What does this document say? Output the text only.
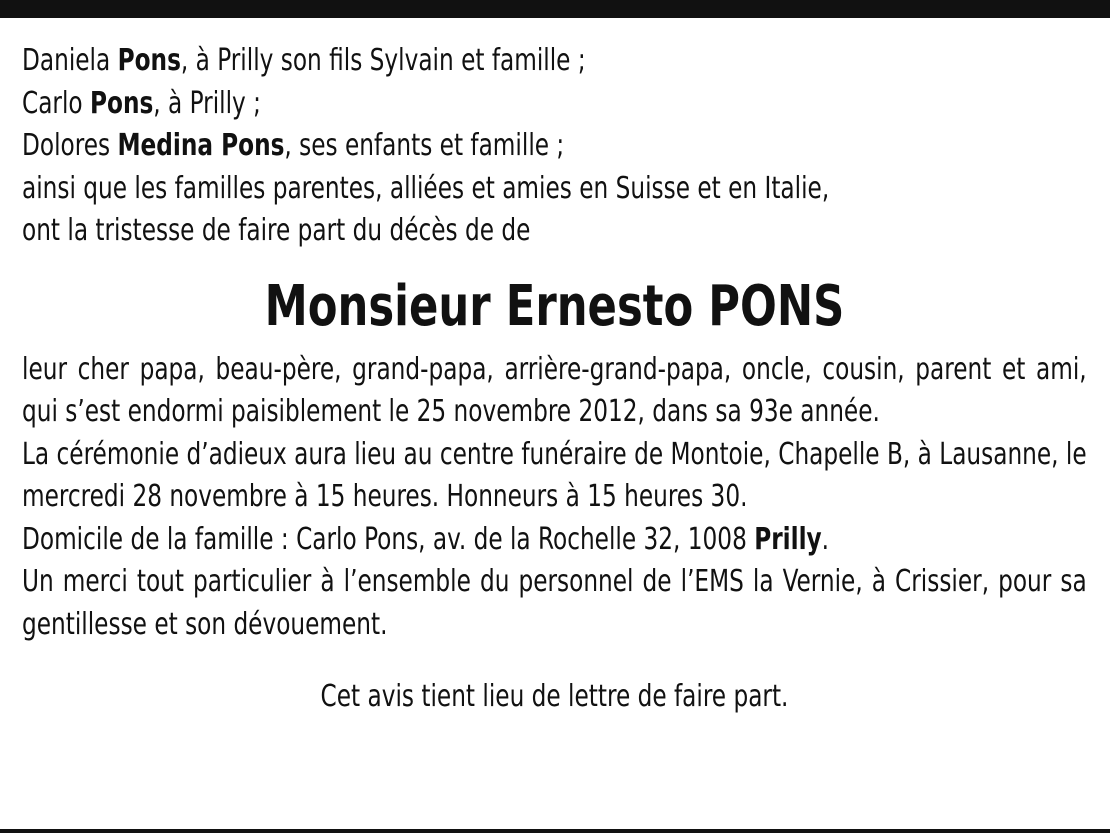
Daniela Pons, à Prilly son fils Sylvain et famille ;
Carlo Pons, à Prilly ;
Dolores Medina Pons, ses enfants et famille ;
ainsi que les familles parentes, alliées et amies en Suisse et en Italie,
ont la tristesse de faire part du décès de de
Monsieur Ernesto PONS

leur cher papa, beau-père, grand-papa, arrière-grand-papa, oncle, cousin, parent et ami, qui s’est endormi paisiblement le 25 novembre 2012, dans sa 93e année.

La cérémonie d’adieux aura lieu au centre funéraire de Montoie, Chapelle B, à Lausanne, le mercredi 28 novembre à 15 heures. Honneurs à 15 heures 30.

Domicile de la famille : Carlo Pons, av. de la Rochelle 32, 1008 Prilly.

Un merci tout particulier à l’ensemble du personnel de l’EMS la Vernie, à Crissier, pour sa gentillesse et son dévouement.

Cet avis tient lieu de lettre de faire part.
